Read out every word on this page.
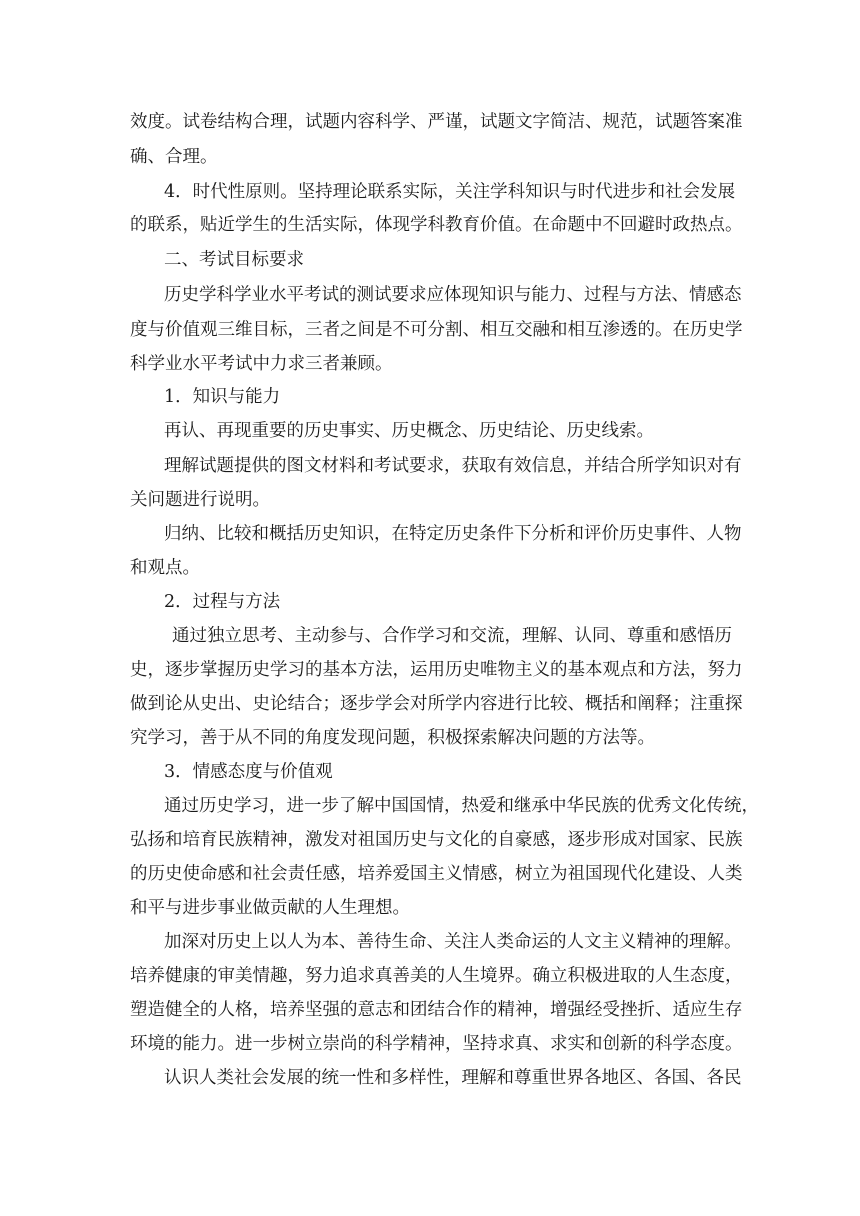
效度。试卷结构合理，试题内容科学、严谨，试题文字简洁、规范，试题答案准
确、合理。
4．时代性原则。坚持理论联系实际，关注学科知识与时代进步和社会发展
的联系，贴近学生的生活实际，体现学科教育价值。在命题中不回避时政热点。
二、考试目标要求
历史学科学业水平考试的测试要求应体现知识与能力、过程与方法、情感态
度与价值观三维目标，三者之间是不可分割、相互交融和相互渗透的。在历史学
科学业水平考试中力求三者兼顾。
1．知识与能力
再认、再现重要的历史事实、历史概念、历史结论、历史线索。
理解试题提供的图文材料和考试要求，获取有效信息，并结合所学知识对有
关问题进行说明。
归纳、比较和概括历史知识，在特定历史条件下分析和评价历史事件、人物
和观点。
2．过程与方法
通过独立思考、主动参与、合作学习和交流，理解、认同、尊重和感悟历
史，逐步掌握历史学习的基本方法，运用历史唯物主义的基本观点和方法，努力
做到论从史出、史论结合；逐步学会对所学内容进行比较、概括和阐释；注重探
究学习，善于从不同的角度发现问题，积极探索解决问题的方法等。
3．情感态度与价值观
通过历史学习，进一步了解中国国情，热爱和继承中华民族的优秀文化传统，
弘扬和培育民族精神，激发对祖国历史与文化的自豪感，逐步形成对国家、民族
的历史使命感和社会责任感，培养爱国主义情感，树立为祖国现代化建设、人类
和平与进步事业做贡献的人生理想。
加深对历史上以人为本、善待生命、关注人类命运的人文主义精神的理解。
培养健康的审美情趣，努力追求真善美的人生境界。确立积极进取的人生态度，
塑造健全的人格，培养坚强的意志和团结合作的精神，增强经受挫折、适应生存
环境的能力。进一步树立崇尚的科学精神，坚持求真、求实和创新的科学态度。
认识人类社会发展的统一性和多样性，理解和尊重世界各地区、各国、各民
